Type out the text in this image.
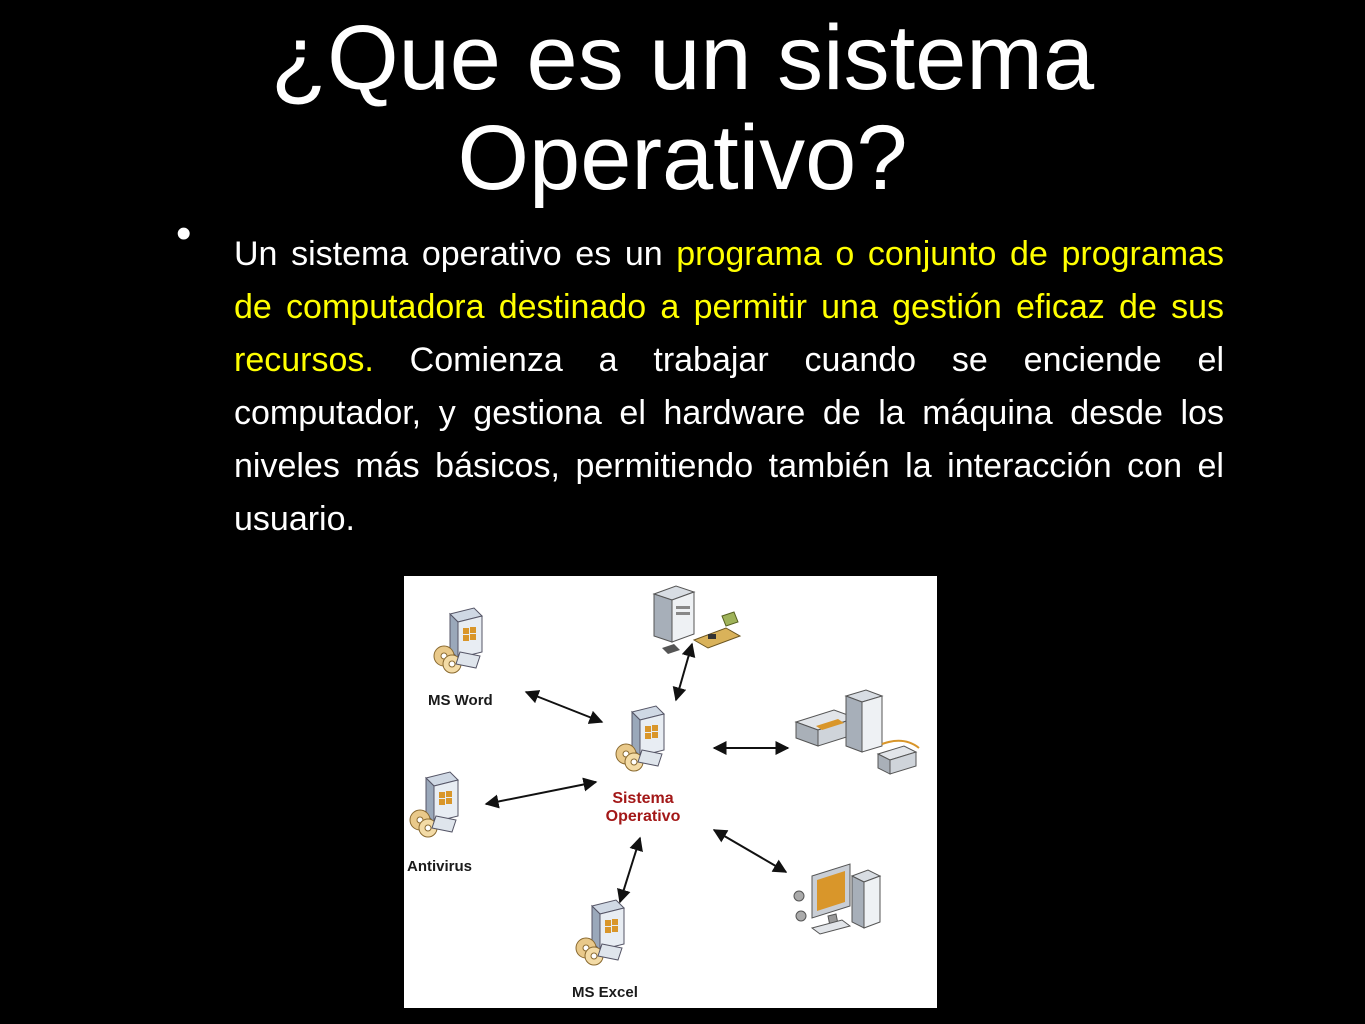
¿Que es un sistema
Operativo?
• Un sistema operativo es un programa o conjunto de programas de computadora destinado a permitir una gestión eficaz de sus recursos. Comienza a trabajar cuando se enciende el computador, y gestiona el hardware de la máquina desde los niveles más básicos, permitiendo también la interacción con el usuario.

MS Word
Sistema
Operativo
Antivirus
MS Excel
